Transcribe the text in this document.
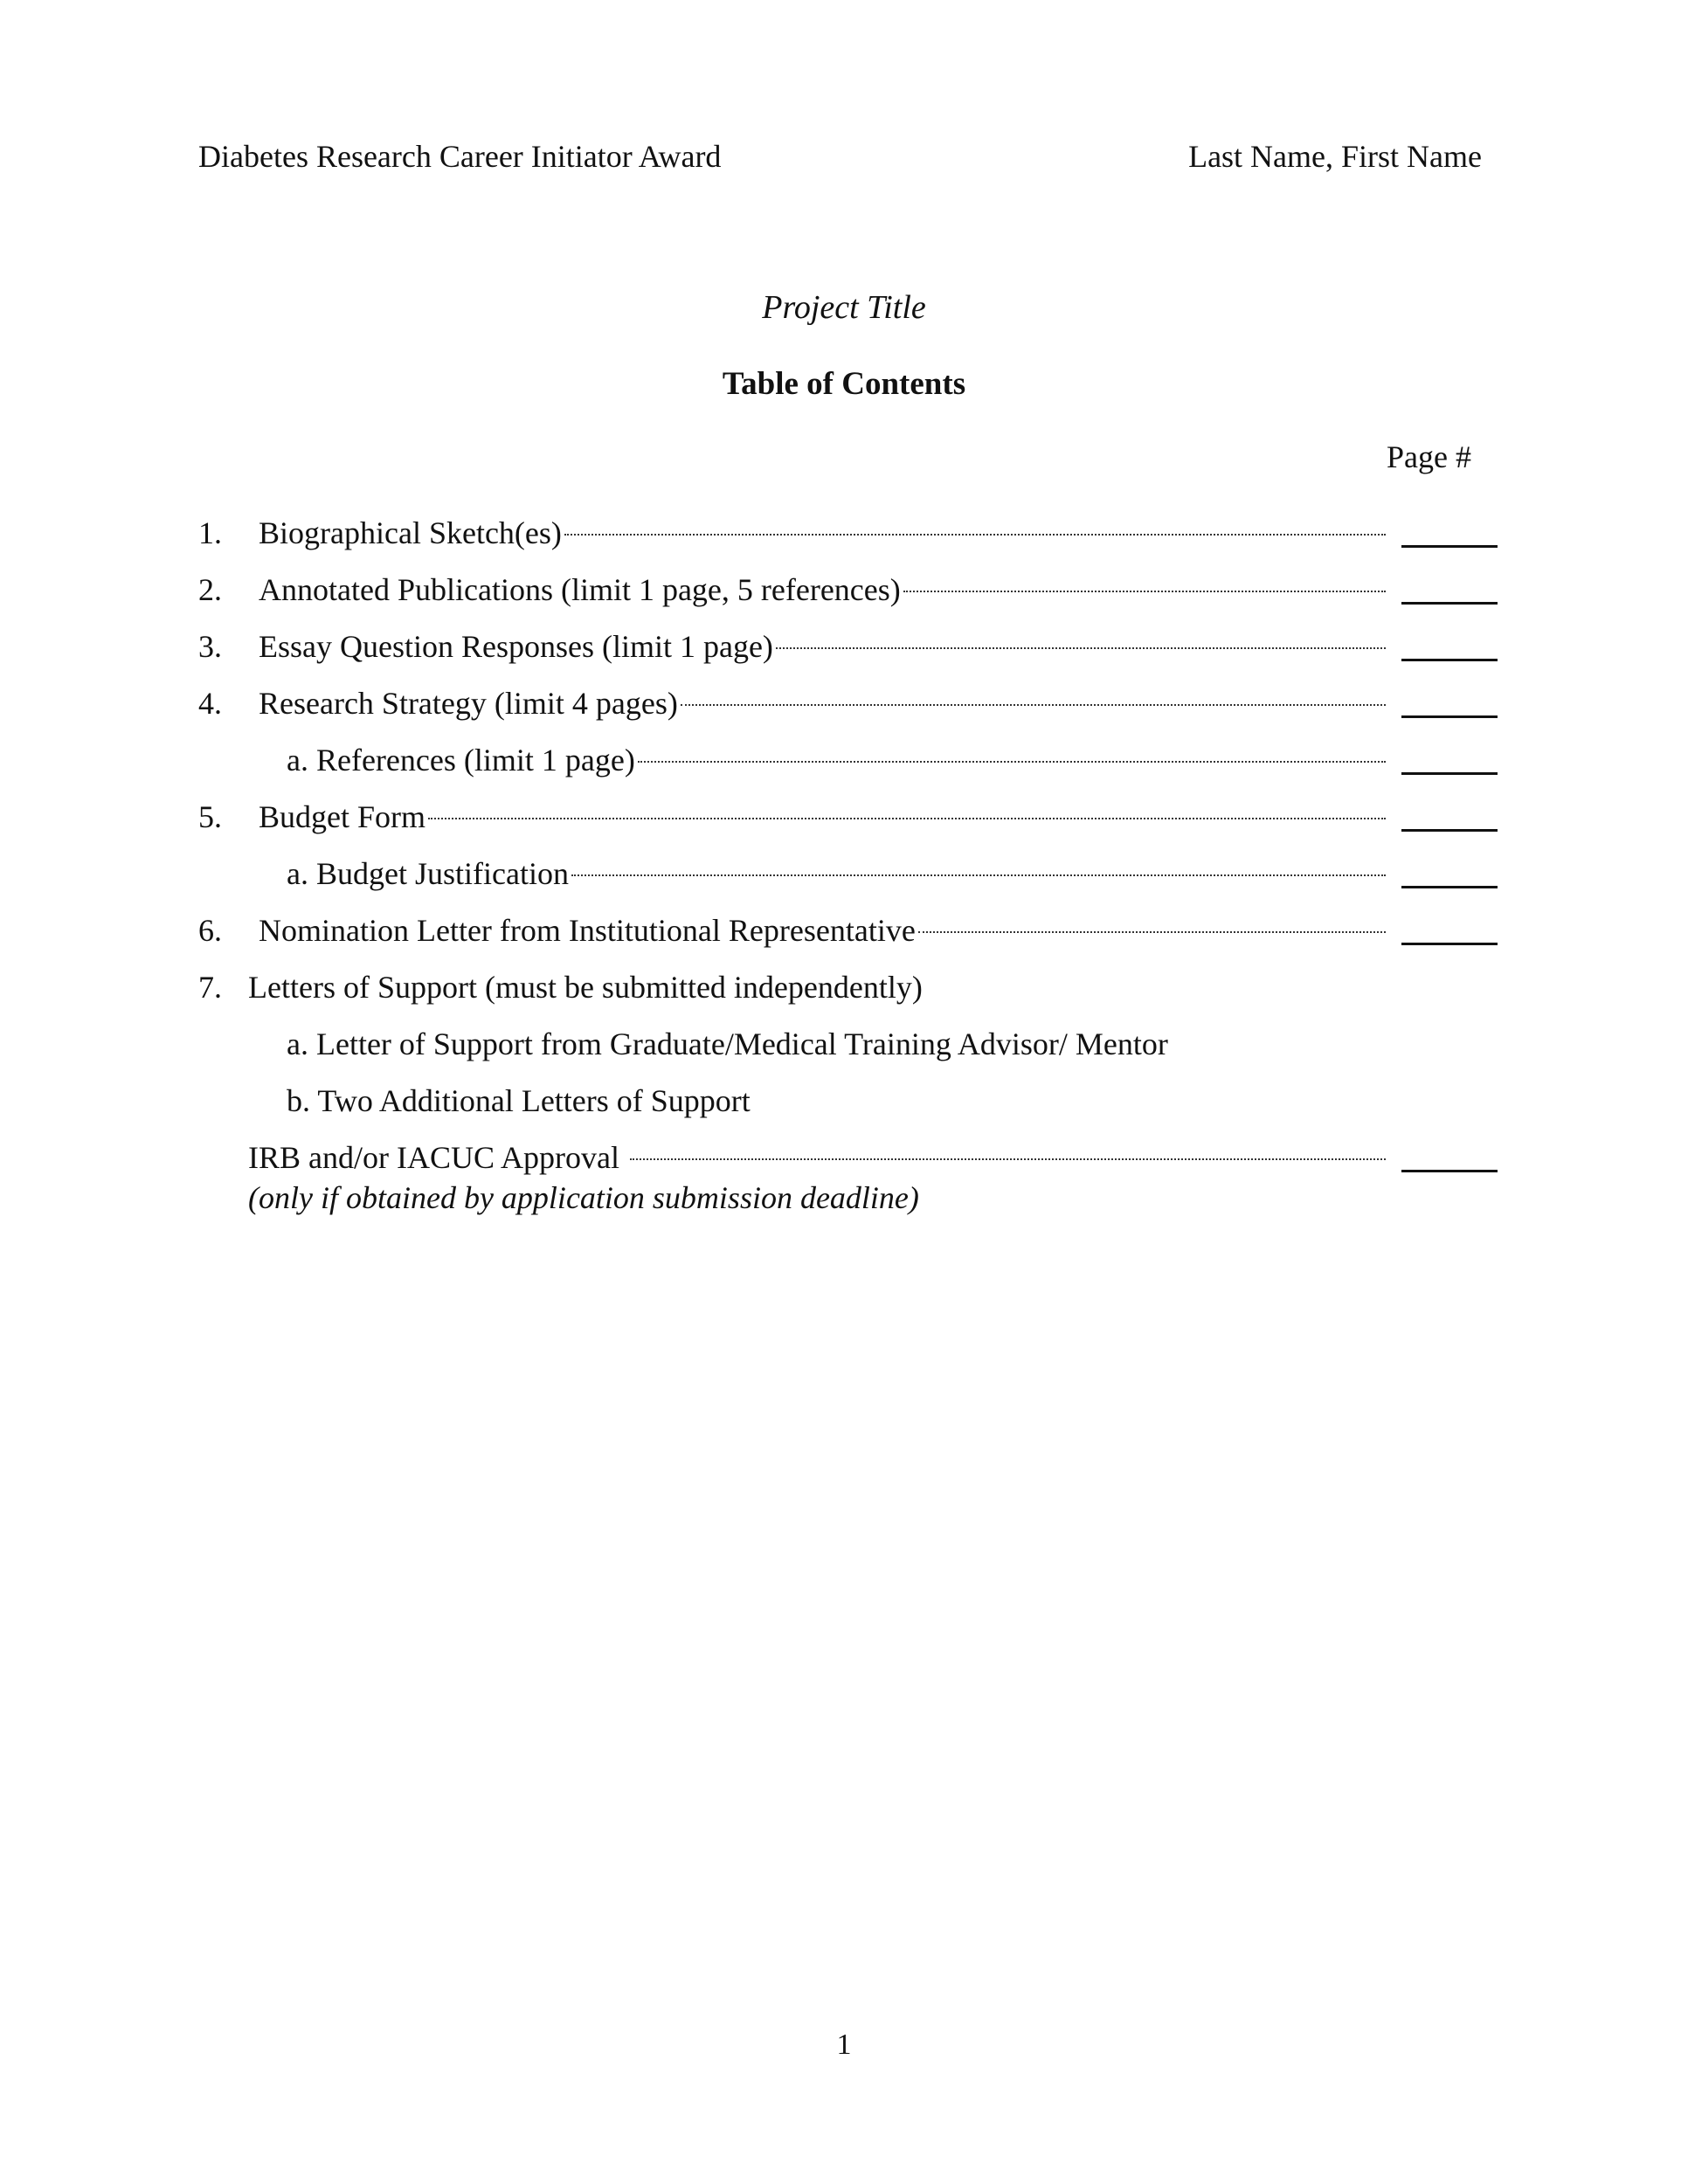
Diabetes Research Career Initiator Award	Last Name, First Name
Project Title
Table of Contents
Page #
1. Biographical Sketch(es)
2. Annotated Publications (limit 1 page, 5 references)
3. Essay Question Responses (limit 1 page)
4. Research Strategy (limit 4 pages)
a. References (limit 1 page)
5. Budget Form
a. Budget Justification
6. Nomination Letter from Institutional Representative
7. Letters of Support (must be submitted independently)
a. Letter of Support from Graduate/Medical Training Advisor/ Mentor
b. Two Additional Letters of Support
IRB and/or IACUC Approval
(only if obtained by application submission deadline)
1
